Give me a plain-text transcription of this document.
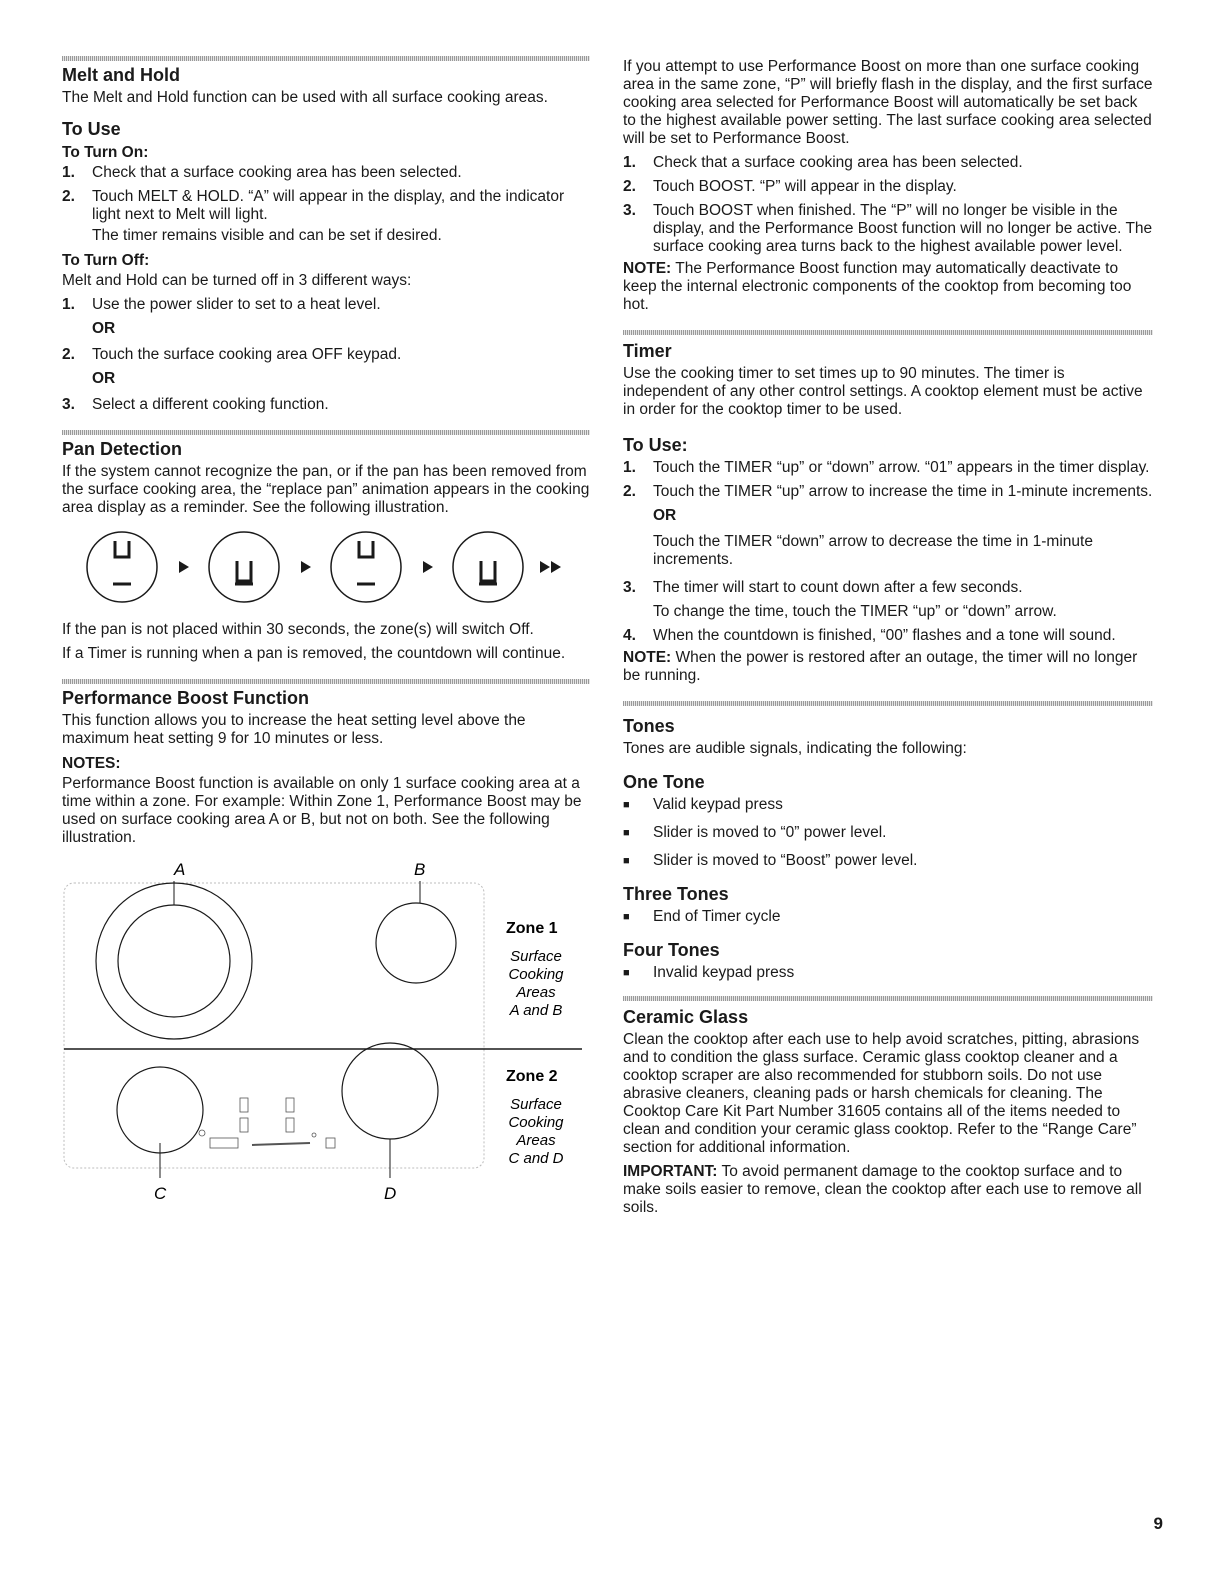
Melt and Hold

The Melt and Hold function can be used with all surface cooking areas.

To Use
To Turn On:
1.	Check that a surface cooking area has been selected.
2.	Touch MELT & HOLD. “A” will appear in the display, and the indicator light next to Melt will light.

The timer remains visible and can be set if desired.

To Turn Off:

Melt and Hold can be turned off in 3 different ways:

1.	Use the power slider to set to a heat level.

OR

2.	Touch the surface cooking area OFF keypad.

OR

3.	Select a different cooking function.
Pan Detection

If the system cannot recognize the pan, or if the pan has been removed from the surface cooking area, the “replace pan” animation appears in the cooking area display as a reminder. See the following illustration.

If the pan is not placed within 30 seconds, the zone(s) will switch Off.

If a Timer is running when a pan is removed, the countdown will continue.

Performance Boost Function

This function allows you to increase the heat setting level above the maximum heat setting 9 for 10 minutes or less.

NOTES:

Performance Boost function is available on only 1 surface cooking area at a time within a zone. For example: Within Zone 1, Performance Boost may be used on surface cooking area A or B, but not on both. See the following illustration.

A	B
C	D
Zone 1
Surface
Cooking
Areas
A and B
Zone 2
Surface
Cooking
Areas
C and D

If you attempt to use Performance Boost on more than one surface cooking area in the same zone, “P” will briefly flash in the display, and the first surface cooking area selected for Performance Boost will automatically be set back to the highest available power setting. The last surface cooking area selected will be set to Performance Boost.

1.	Check that a surface cooking area has been selected.
2.	Touch BOOST. “P” will appear in the display.
3.	Touch BOOST when finished. The “P” will no longer be visible in the display, and the Performance Boost function will no longer be active. The surface cooking area turns back to the highest available power level.

NOTE: The Performance Boost function may automatically deactivate to keep the internal electronic components of the cooktop from becoming too hot.

Timer

Use the cooking timer to set times up to 90 minutes. The timer is independent of any other control settings. A cooktop element must be active in order for the cooktop timer to be used.

To Use:
1.	Touch the TIMER “up” or “down” arrow. “01” appears in the timer display.
2.	Touch the TIMER “up” arrow to increase the time in 1-minute increments.

OR

Touch the TIMER “down” arrow to decrease the time in 1-minute increments.

3.	The timer will start to count down after a few seconds.

To change the time, touch the TIMER “up” or “down” arrow.

4.	When the countdown is finished, “00” flashes and a tone will sound.

NOTE: When the power is restored after an outage, the timer will no longer be running.

Tones

Tones are audible signals, indicating the following:

One Tone
■	Valid keypad press
■	Slider is moved to “0” power level.
■	Slider is moved to “Boost” power level.
Three Tones
■	End of Timer cycle
Four Tones
■	Invalid keypad press
Ceramic Glass

Clean the cooktop after each use to help avoid scratches, pitting, abrasions and to condition the glass surface. Ceramic glass cooktop cleaner and a cooktop scraper are also recommended for stubborn soils. Do not use abrasive cleaners, cleaning pads or harsh chemicals for cleaning. The Cooktop Care Kit Part Number 31605 contains all of the items needed to clean and condition your ceramic glass cooktop. Refer to the “Range Care” section for additional information.

IMPORTANT: To avoid permanent damage to the cooktop surface and to make soils easier to remove, clean the cooktop after each use to remove all soils.

9
